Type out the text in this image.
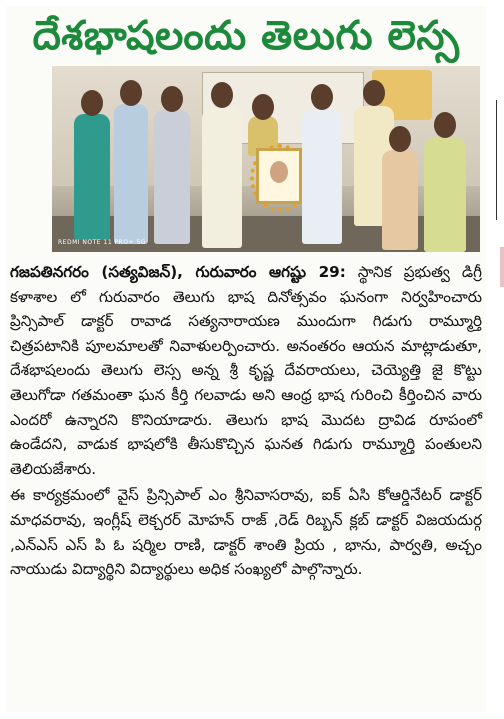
దేశభాషలందు తెలుగు లెస్స
REDMI NOTE 11 PRO+ 5G

గజపతినగరం (సత్యవిజన్), గురువారం ఆగష్టు 29: స్థానిక ప్రభుత్వ డిగ్రీ కళాశాల లో గురువారం తెలుగు భాష దినోత్సవం ఘనంగా నిర్వహించారు ప్రిన్సిపాల్ డాక్టర్ రావాడ సత్యనారాయణ ముందుగా గిడుగు రామ్మూర్తి చిత్రపటానికి పూలమాలతో నివాళులర్పించారు. అనంతరం ఆయన మాట్లాడుతూ, దేశభాషలందు తెలుగు లెస్స అన్న శ్రీ కృష్ణ దేవరాయలు, చెయ్యెత్తి జై కొట్టు తెలుగోడా గతమంతా ఘన కీర్తి గలవాడు అని ఆంధ్ర భాష గురించి కీర్తించిన వారు ఎందరో ఉన్నారని కొనియాడారు. తెలుగు భాష మొదట ద్రావిడ రూపంలో ఉండేదని, వాడుక భాషలోకి తీసుకొచ్చిన ఘనత గిడుగు రామ్మూర్తి పంతులని తెలియజేశారు.

ఈ కార్యక్రమంలో వైస్ ప్రిన్సిపాల్ ఎం శ్రీనివాసరావు, ఐక్ ఏసి కోఆర్డినేటర్ డాక్టర్ మాధవరావు, ఇంగ్లీష్ లెక్చరర్ మోహన్ రాజ్ ,రెడ్ రిబ్బన్ క్లబ్ డాక్టర్ విజయదుర్గ ,ఎన్ఎస్ ఎస్ పి ఓ షర్మిల రాణి, డాక్టర్ శాంతి ప్రియ , భాను, పార్వతి, అచ్చం నాయుడు విద్యార్థిని విద్యార్థులు అధిక సంఖ్యలో పాల్గొన్నారు.
